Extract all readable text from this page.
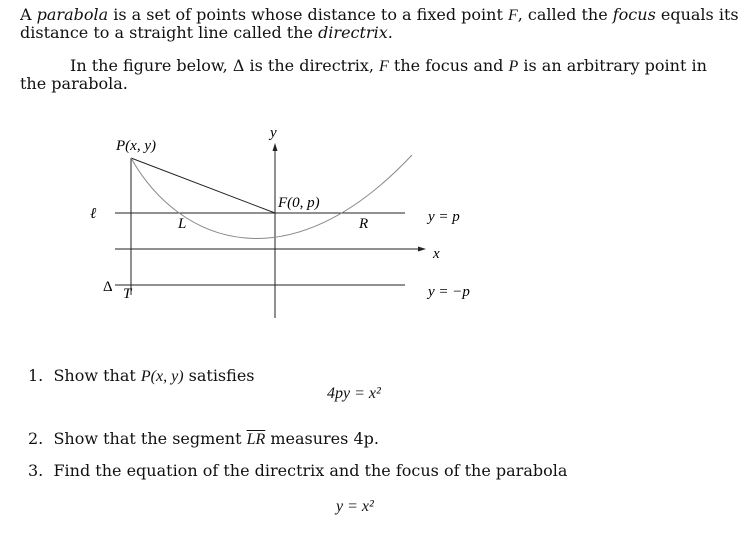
A parabola is a set of points whose distance to a fixed point F, called the focus equals its
distance to a straight line called the directrix.
In the figure below, Δ is the directrix, F the focus and P is an arbitrary point in
the parabola.
y
x
P(x, y)
F(0, p)
ℓ
L	R
Δ T
y = p
y = −p
1. Show that P(x, y) satisfies
4py = x²
2. Show that the segment $\overline{LR}$ measures 4p.
3. Find the equation of the directrix and the focus of the parabola
y = x²
